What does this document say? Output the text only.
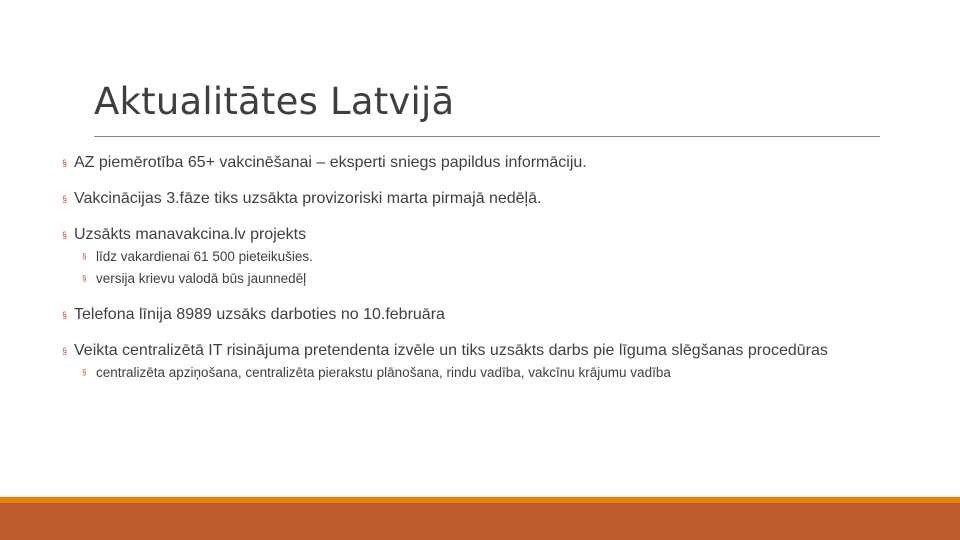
Aktualitātes Latvijā

§ AZ piemērotība 65+ vakcinēšanai – eksperti sniegs papildus informāciju.

§ Vakcinācijas 3.fāze tiks uzsākta provizoriski marta pirmajā nedēļā.

§ Uzsākts manavakcina.lv projekts

§ līdz vakardienai 61 500 pieteikušies.

§ versija krievu valodā būs jaunnedēļ

§ Telefona līnija 8989 uzsāks darboties no 10.februāra

§ Veikta centralizētā IT risinājuma pretendenta izvēle un tiks uzsākts darbs pie līguma slēgšanas procedūras

§ centralizēta apziņošana, centralizēta pierakstu plānošana, rindu vadība, vakcīnu krājumu vadība
